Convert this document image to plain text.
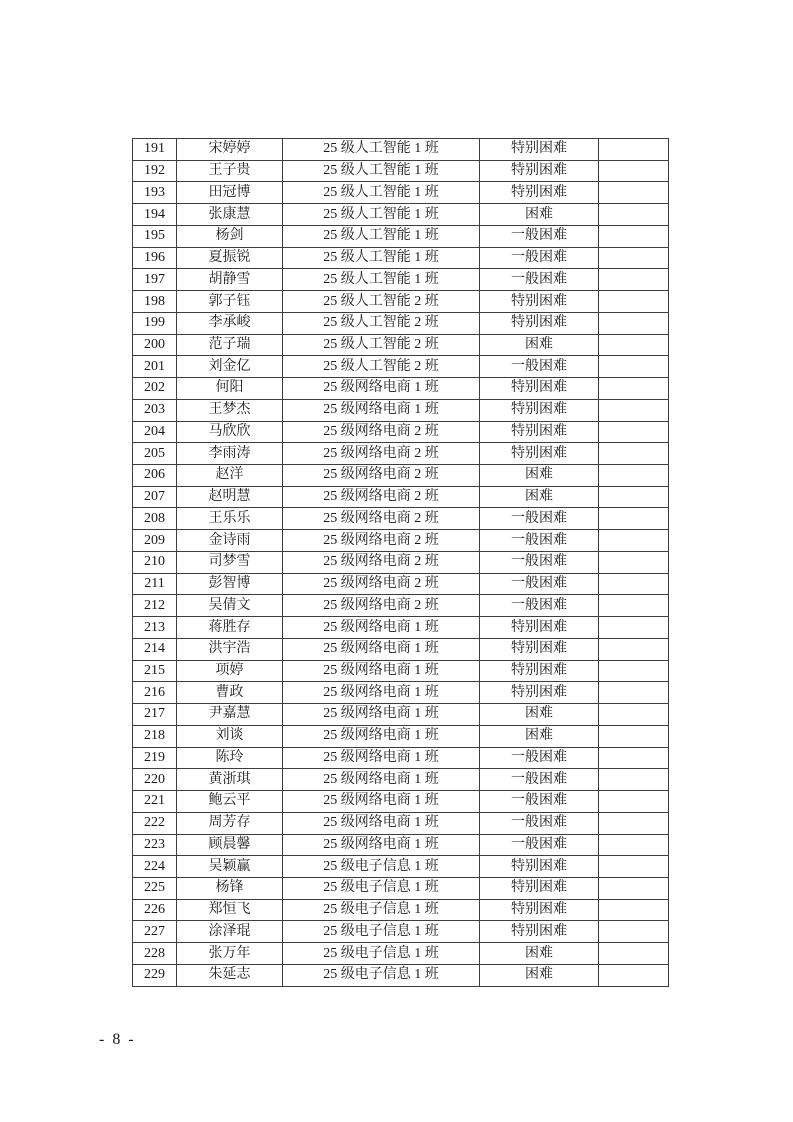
191	宋婷婷	25 级人工智能 1 班	特别困难	
192	王子贵	25 级人工智能 1 班	特别困难	
193	田冠博	25 级人工智能 1 班	特别困难	
194	张康慧	25 级人工智能 1 班	困难	
195	杨剑	25 级人工智能 1 班	一般困难	
196	夏振锐	25 级人工智能 1 班	一般困难	
197	胡静雪	25 级人工智能 1 班	一般困难	
198	郭子钰	25 级人工智能 2 班	特别困难	
199	李承峻	25 级人工智能 2 班	特别困难	
200	范子瑞	25 级人工智能 2 班	困难	
201	刘金亿	25 级人工智能 2 班	一般困难	
202	何阳	25 级网络电商 1 班	特别困难	
203	王梦杰	25 级网络电商 1 班	特别困难	
204	马欣欣	25 级网络电商 2 班	特别困难	
205	李雨涛	25 级网络电商 2 班	特别困难	
206	赵洋	25 级网络电商 2 班	困难	
207	赵明慧	25 级网络电商 2 班	困难	
208	王乐乐	25 级网络电商 2 班	一般困难	
209	金诗雨	25 级网络电商 2 班	一般困难	
210	司梦雪	25 级网络电商 2 班	一般困难	
211	彭智博	25 级网络电商 2 班	一般困难	
212	吴倩文	25 级网络电商 2 班	一般困难	
213	蒋胜存	25 级网络电商 1 班	特别困难	
214	洪宇浩	25 级网络电商 1 班	特别困难	
215	项婷	25 级网络电商 1 班	特别困难	
216	曹政	25 级网络电商 1 班	特别困难	
217	尹嘉慧	25 级网络电商 1 班	困难	
218	刘谈	25 级网络电商 1 班	困难	
219	陈玲	25 级网络电商 1 班	一般困难	
220	黄浙琪	25 级网络电商 1 班	一般困难	
221	鲍云平	25 级网络电商 1 班	一般困难	
222	周芳存	25 级网络电商 1 班	一般困难	
223	顾晨馨	25 级网络电商 1 班	一般困难	
224	吴颖赢	25 级电子信息 1 班	特别困难	
225	杨锋	25 级电子信息 1 班	特别困难	
226	郑恒飞	25 级电子信息 1 班	特别困难	
227	涂泽琨	25 级电子信息 1 班	特别困难	
228	张万年	25 级电子信息 1 班	困难	
229	朱延志	25 级电子信息 1 班	困难	
- 8 -
